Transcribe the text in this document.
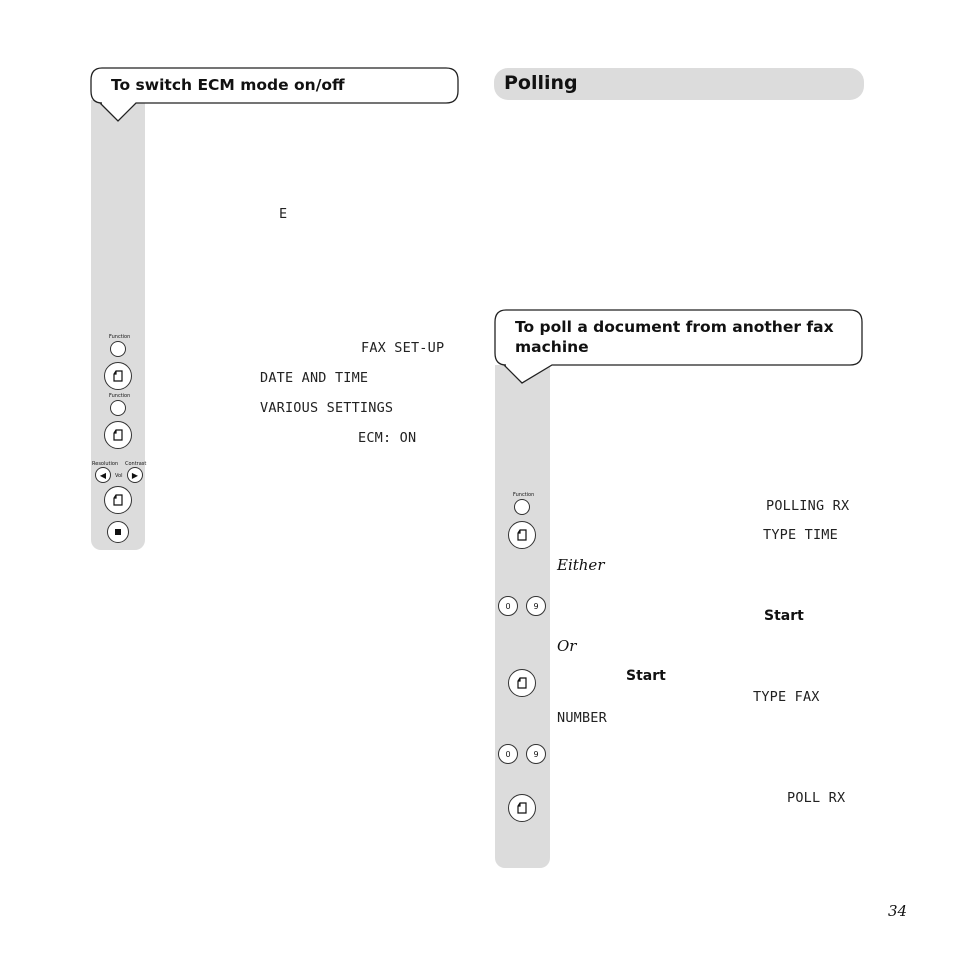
To switch ECM mode on/off
E
Function
Function
Resolution Contrast
◀ Vol ▶
FAX SET-UP
DATE AND TIME
VARIOUS SETTINGS
ECM: ON
Polling
To poll a document from another fax machine
Function
0	9
0	9
POLLING RX
TYPE TIME
Either
Start
Or
Start
TYPE FAX
NUMBER
POLL RX
34
